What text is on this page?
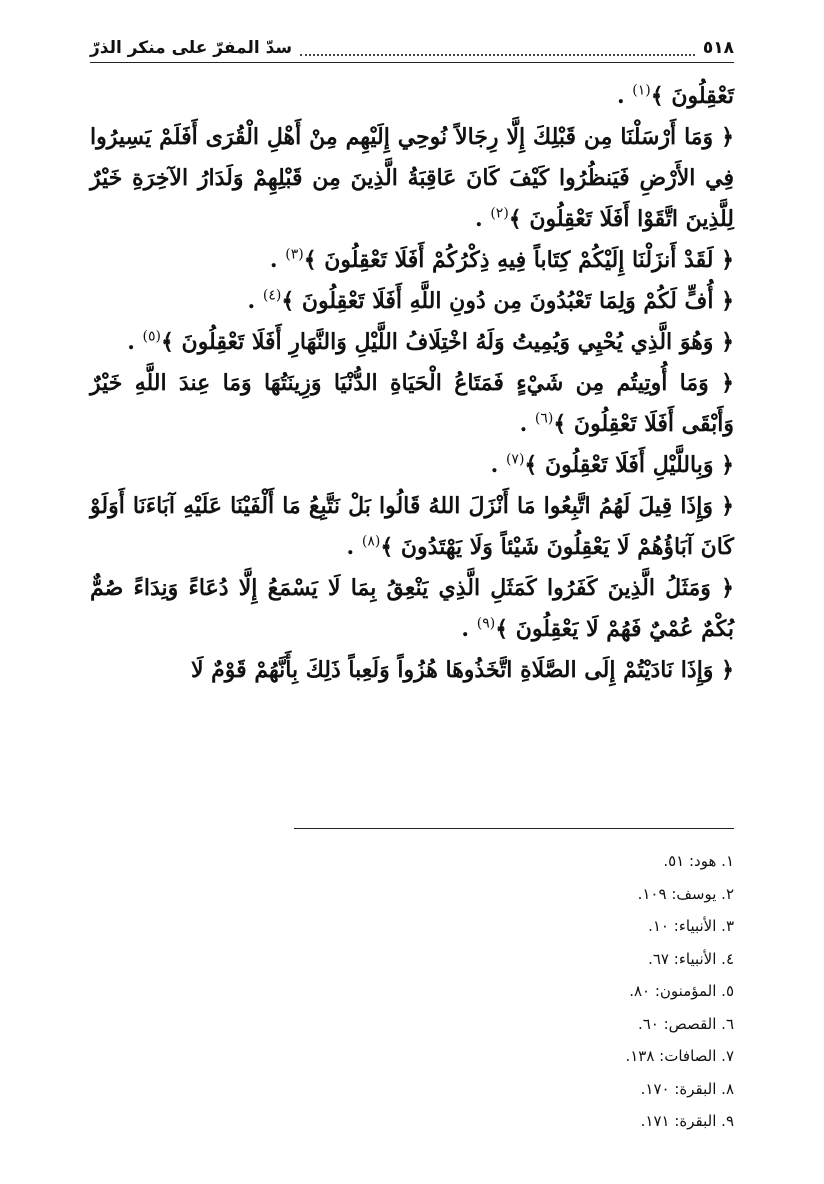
٥١٨
سدّ المفرّ على منكر الذرّ

تَعْقِلُونَ ﴾$^{(١)}$ .

﴿ وَمَا أَرْسَلْنَا مِن قَبْلِكَ إِلَّا رِجَالاً نُوحِي إِلَيْهِم مِنْ أَهْلِ الْقُرَى أَفَلَمْ يَسِيرُوا فِي الأَرْضِ فَيَنظُرُوا كَيْفَ كَانَ عَاقِبَةُ الَّذِينَ مِن قَبْلِهِمْ وَلَدَارُ الآخِرَةِ خَيْرٌ لِلَّذِينَ اتَّقَوْا أَفَلَا تَعْقِلُونَ ﴾$^{(٢)}$ .

﴿ لَقَدْ أَنزَلْنَا إِلَيْكُمْ كِتَاباً فِيهِ ذِكْرُكُمْ أَفَلَا تَعْقِلُونَ ﴾$^{(٣)}$ .

﴿ أُفٍّ لَكُمْ وَلِمَا تَعْبُدُونَ مِن دُونِ اللَّهِ أَفَلَا تَعْقِلُونَ ﴾$^{(٤)}$ .

﴿ وَهُوَ الَّذِي يُحْيِي وَيُمِيتُ وَلَهُ اخْتِلَافُ اللَّيْلِ وَالنَّهَارِ أَفَلَا تَعْقِلُونَ ﴾$^{(٥)}$ .

﴿ وَمَا أُوتِيتُم مِن شَيْءٍ فَمَتَاعُ الْحَيَاةِ الدُّنْيَا وَزِينَتُهَا وَمَا عِندَ اللَّهِ خَيْرٌ وَأَبْقَى أَفَلَا تَعْقِلُونَ ﴾$^{(٦)}$ .

﴿ وَبِاللَّيْلِ أَفَلَا تَعْقِلُونَ ﴾$^{(٧)}$ .

﴿ وَإِذَا قِيلَ لَهُمُ اتَّبِعُوا مَا أَنْزَلَ اللهُ قَالُوا بَلْ نَتَّبِعُ مَا أَلْفَيْنَا عَلَيْهِ آبَاءَنَا أَوَلَوْ كَانَ آبَاؤُهُمْ لَا يَعْقِلُونَ شَيْئاً وَلَا يَهْتَدُونَ ﴾$^{(٨)}$ .

﴿ وَمَثَلُ الَّذِينَ كَفَرُوا كَمَثَلِ الَّذِي يَنْعِقُ بِمَا لَا يَسْمَعُ إِلَّا دُعَاءً وَنِدَاءً صُمٌّ بُكْمٌ عُمْيٌ فَهُمْ لَا يَعْقِلُونَ ﴾$^{(٩)}$ .

﴿ وَإِذَا نَادَيْتُمْ إِلَى الصَّلَاةِ اتَّخَذُوهَا هُزُواً وَلَعِباً ذَلِكَ بِأَنَّهُمْ قَوْمٌ لَا

١. هود: ٥١.
٢. يوسف: ١٠٩.
٣. الأنبياء: ١٠.
٤. الأنبياء: ٦٧.
٥. المؤمنون: ٨٠.
٦. القصص: ٦٠.
٧. الصافات: ١٣٨.
٨. البقرة: ١٧٠.
٩. البقرة: ١٧١.
